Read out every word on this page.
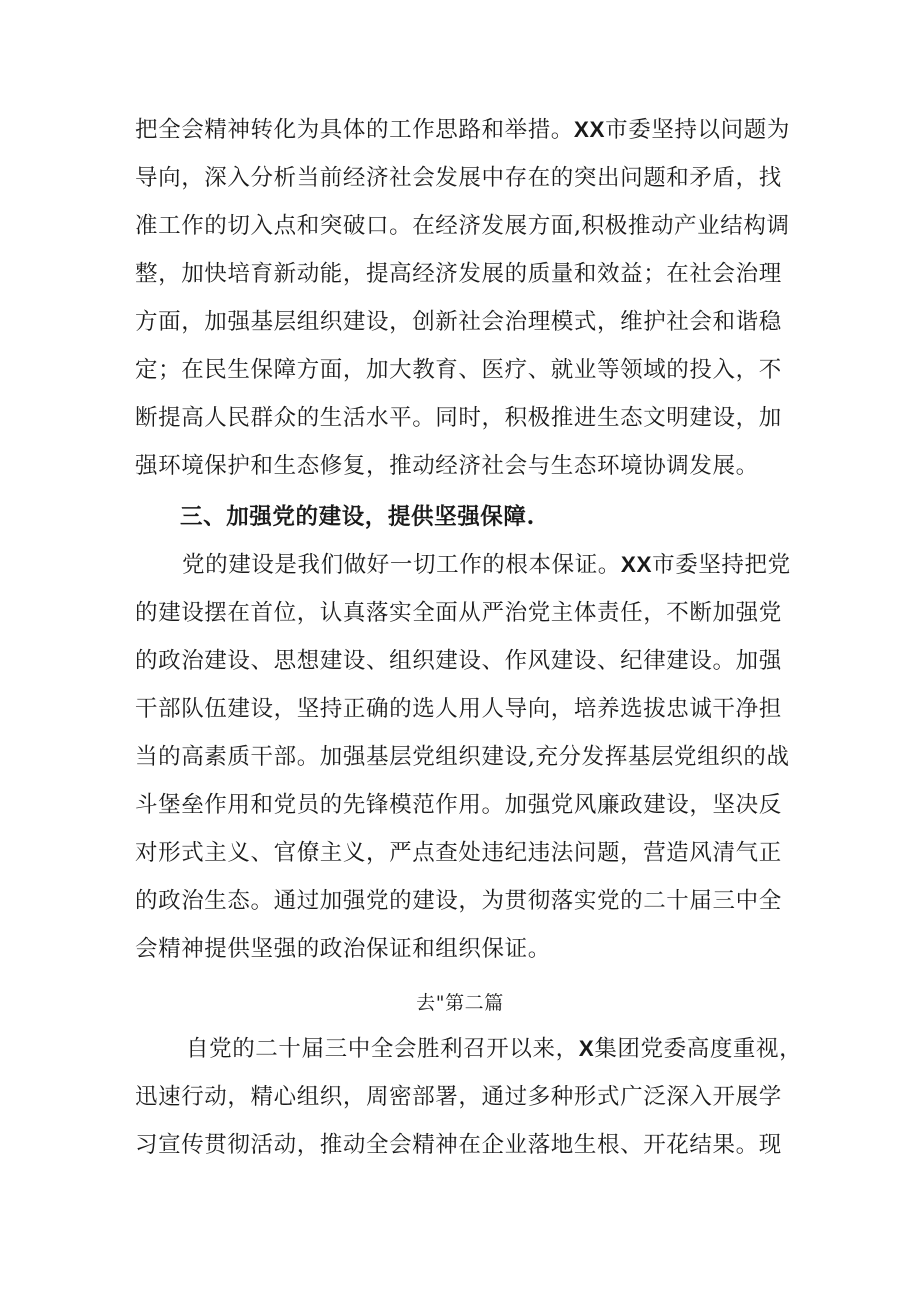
把全会精神转化为具体的工作思路和举措。XX市委坚持以问题为
导向，深入分析当前经济社会发展中存在的突出问题和矛盾，找
准工作的切入点和突破口。在经济发展方面,积极推动产业结构调
整，加快培育新动能，提高经济发展的质量和效益；在社会治理
方面，加强基层组织建设，创新社会治理模式，维护社会和谐稳
定；在民生保障方面，加大教育、医疗、就业等领域的投入，不
断提高人民群众的生活水平。同时，积极推进生态文明建设，加
强环境保护和生态修复，推动经济社会与生态环境协调发展。
三、加强党的建设，提供坚强保障.
党的建设是我们做好一切工作的根本保证。XX市委坚持把党
的建设摆在首位，认真落实全面从严治党主体责任，不断加强党
的政治建设、思想建设、组织建设、作风建设、纪律建设。加强
干部队伍建设，坚持正确的选人用人导向，培养选拔忠诚干净担
当的高素质干部。加强基层党组织建设,充分发挥基层党组织的战
斗堡垒作用和党员的先锋模范作用。加强党风廉政建设，坚决反
对形式主义、官僚主义，严点查处违纪违法问题，营造风清气正
的政治生态。通过加强党的建设，为贯彻落实党的二十届三中全
会精神提供坚强的政治保证和组织保证。
去"第二篇
自党的二十届三中全会胜利召开以来，X集团党委高度重视，
迅速行动，精心组织，周密部署，通过多种形式广泛深入开展学
习宣传贯彻活动，推动全会精神在企业落地生根、开花结果。现
